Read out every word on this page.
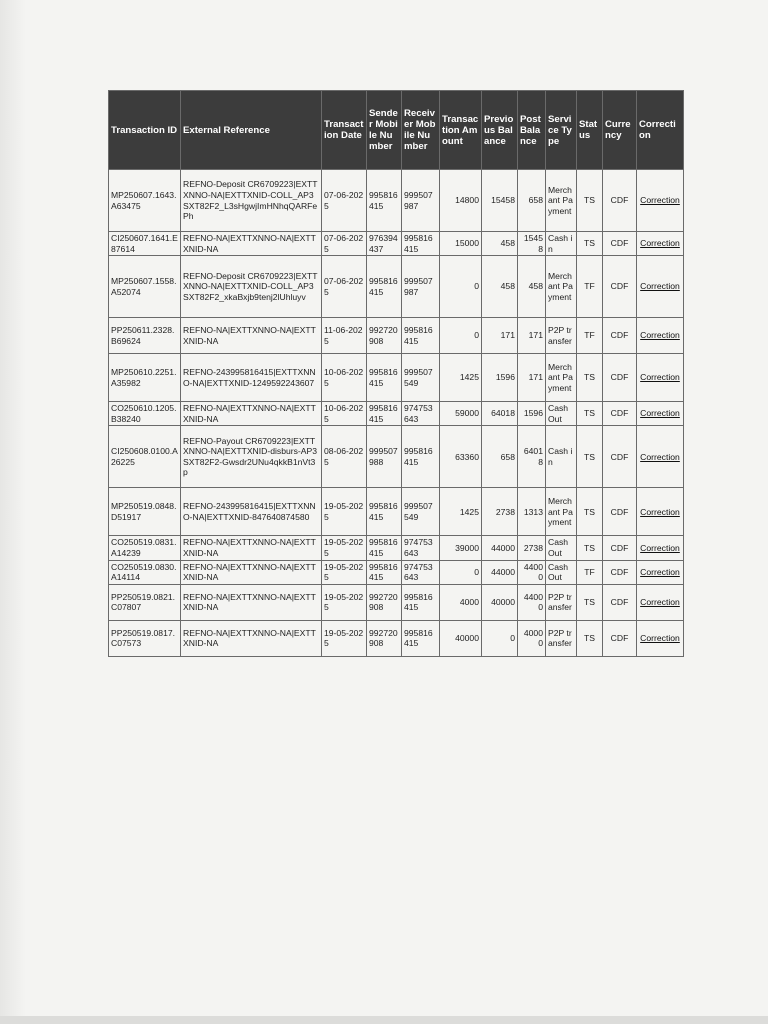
Transaction ID	External Reference	Transaction Date	Sender Mobile Number	Receiver Mobile Number	Transaction Amount	Previous Balance	Post Balance	Service Type	Status	Currency	Correction
MP250607.1643.A63475	REFNO-Deposit CR6709223|EXTTXNNO-NA|EXTTXNID-COLL_AP3SXT82F2_L3sHgwjImHNhqQARFePh	07-06-2025	995816415	999507987	14800	15458	658	Merchant Payment	TS	CDF	Correction
CI250607.1641.E87614	REFNO-NA|EXTTXNNO-NA|EXTTXNID-NA	07-06-2025	976394437	995816415	15000	458	15458	Cash in	TS	CDF	Correction
MP250607.1558.A52074	REFNO-Deposit CR6709223|EXTTXNNO-NA|EXTTXNID-COLL_AP3SXT82F2_xkaBxjb9tenj2lUhluyv	07-06-2025	995816415	999507987	0	458	458	Merchant Payment	TF	CDF	Correction
PP250611.2328.B69624	REFNO-NA|EXTTXNNO-NA|EXTTXNID-NA	11-06-2025	992720908	995816415	0	171	171	P2P transfer	TF	CDF	Correction
MP250610.2251.A35982	REFNO-243995816415|EXTTXNNO-NA|EXTTXNID-1249592243607	10-06-2025	995816415	999507549	1425	1596	171	Merchant Payment	TS	CDF	Correction
CO250610.1205.B38240	REFNO-NA|EXTTXNNO-NA|EXTTXNID-NA	10-06-2025	995816415	974753643	59000	64018	1596	Cash Out	TS	CDF	Correction
CI250608.0100.A26225	REFNO-Payout CR6709223|EXTTXNNO-NA|EXTTXNID-disburs-AP3SXT82F2-Gwsdr2UNu4qkkB1nVt3p	08-06-2025	999507988	995816415	63360	658	64018	Cash in	TS	CDF	Correction
MP250519.0848.D51917	REFNO-243995816415|EXTTXNNO-NA|EXTTXNID-847640874580	19-05-2025	995816415	999507549	1425	2738	1313	Merchant Payment	TS	CDF	Correction
CO250519.0831.A14239	REFNO-NA|EXTTXNNO-NA|EXTTXNID-NA	19-05-2025	995816415	974753643	39000	44000	2738	Cash Out	TS	CDF	Correction
CO250519.0830.A14114	REFNO-NA|EXTTXNNO-NA|EXTTXNID-NA	19-05-2025	995816415	974753643	0	44000	44000	Cash Out	TF	CDF	Correction
PP250519.0821.C07807	REFNO-NA|EXTTXNNO-NA|EXTTXNID-NA	19-05-2025	992720908	995816415	4000	40000	44000	P2P transfer	TS	CDF	Correction
PP250519.0817.C07573	REFNO-NA|EXTTXNNO-NA|EXTTXNID-NA	19-05-2025	992720908	995816415	40000	0	40000	P2P transfer	TS	CDF	Correction
